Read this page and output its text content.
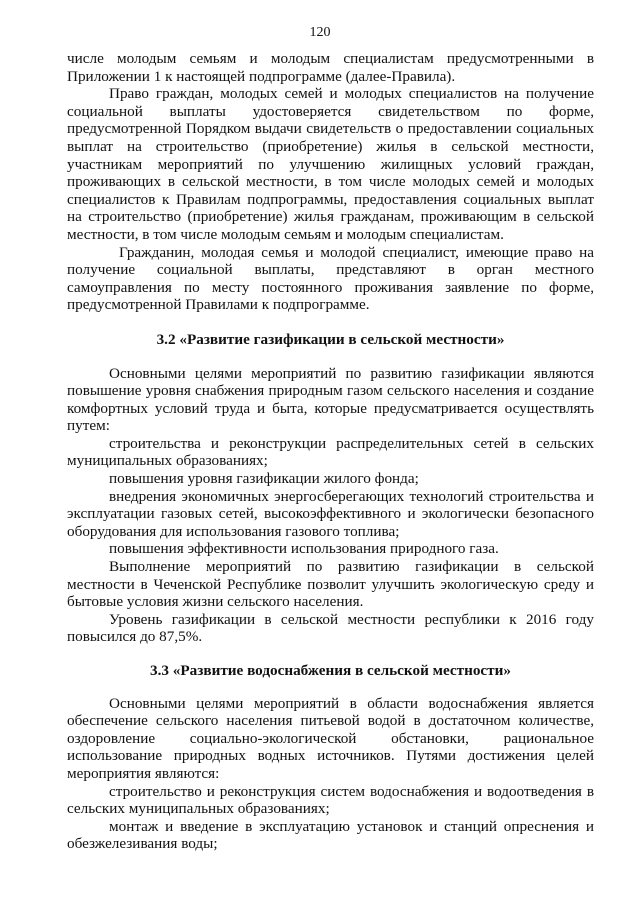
120

числе молодым семьям и молодым специалистам предусмотренными в Приложении 1 к настоящей подпрограмме (далее-Правила).

Право граждан, молодых семей и молодых специалистов на получение социальной выплаты удостоверяется свидетельством по форме, предусмотренной Порядком выдачи свидетельств о предоставлении социальных выплат на строительство (приобретение) жилья в сельской местности, участникам мероприятий по улучшению жилищных условий граждан, проживающих в сельской местности, в том числе молодых семей и молодых специалистов к Правилам подпрограммы, предоставления социальных выплат на строительство (приобретение) жилья гражданам, проживающим в сельской местности, в том числе молодым семьям и молодым специалистам.

Гражданин, молодая семья и молодой специалист, имеющие право на получение социальной выплаты, представляют в орган местного самоуправления по месту постоянного проживания заявление по форме, предусмотренной Правилами к подпрограмме.

3.2 «Развитие газификации в сельской местности»

Основными целями мероприятий по развитию газификации являются повышение уровня снабжения природным газом сельского населения и создание комфортных условий труда и быта, которые предусматривается осуществлять путем:

строительства и реконструкции распределительных сетей в сельских муниципальных образованиях;

повышения уровня газификации жилого фонда;

внедрения экономичных энергосберегающих технологий строительства и эксплуатации газовых сетей, высокоэффективного и экологически безопасного оборудования для использования газового топлива;

повышения эффективности использования природного газа.

Выполнение мероприятий по развитию газификации в сельской местности в Чеченской Республике позволит улучшить экологическую среду и бытовые условия жизни сельского населения.

Уровень газификации в сельской местности республики к 2016 году повысился до 87,5%.

3.3 «Развитие водоснабжения в сельской местности»

Основными целями мероприятий в области водоснабжения является обеспечение сельского населения питьевой водой в достаточном количестве, оздоровление социально-экологической обстановки, рациональное использование природных водных источников. Путями достижения целей мероприятия являются:

строительство и реконструкция систем водоснабжения и водоотведения в сельских муниципальных образованиях;

монтаж и введение в эксплуатацию установок и станций опреснения и обезжелезивания воды;
